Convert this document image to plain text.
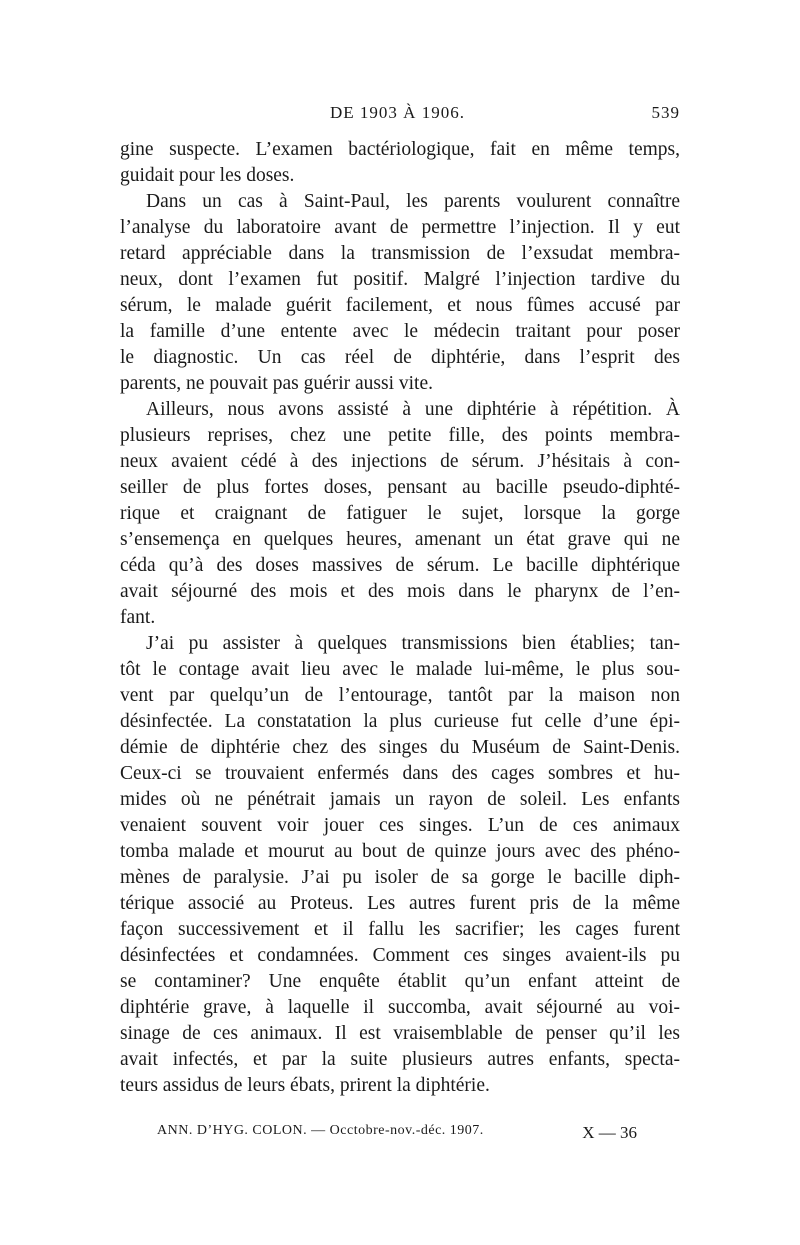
DE 1903 À 1906.	539
gine suspecte. L’examen bactériologique, fait en même temps,
guidait pour les doses.
Dans un cas à Saint-Paul, les parents voulurent connaître
l’analyse du laboratoire avant de permettre l’injection. Il y eut
retard appréciable dans la transmission de l’exsudat membra-
neux, dont l’examen fut positif. Malgré l’injection tardive du
sérum, le malade guérit facilement, et nous fûmes accusé par
la famille d’une entente avec le médecin traitant pour poser
le diagnostic. Un cas réel de diphtérie, dans l’esprit des
parents, ne pouvait pas guérir aussi vite.
Ailleurs, nous avons assisté à une diphtérie à répétition. À
plusieurs reprises, chez une petite fille, des points membra-
neux avaient cédé à des injections de sérum. J’hésitais à con-
seiller de plus fortes doses, pensant au bacille pseudo-diphté-
rique et craignant de fatiguer le sujet, lorsque la gorge
s’ensemença en quelques heures, amenant un état grave qui ne
céda qu’à des doses massives de sérum. Le bacille diphtérique
avait séjourné des mois et des mois dans le pharynx de l’en-
fant.
J’ai pu assister à quelques transmissions bien établies; tan-
tôt le contage avait lieu avec le malade lui-même, le plus sou-
vent par quelqu’un de l’entourage, tantôt par la maison non
désinfectée. La constatation la plus curieuse fut celle d’une épi-
démie de diphtérie chez des singes du Muséum de Saint-Denis.
Ceux-ci se trouvaient enfermés dans des cages sombres et hu-
mides où ne pénétrait jamais un rayon de soleil. Les enfants
venaient souvent voir jouer ces singes. L’un de ces animaux
tomba malade et mourut au bout de quinze jours avec des phéno-
mènes de paralysie. J’ai pu isoler de sa gorge le bacille diph-
térique associé au Proteus. Les autres furent pris de la même
façon successivement et il fallu les sacrifier; les cages furent
désinfectées et condamnées. Comment ces singes avaient-ils pu
se contaminer? Une enquête établit qu’un enfant atteint de
diphtérie grave, à laquelle il succomba, avait séjourné au voi-
sinage de ces animaux. Il est vraisemblable de penser qu’il les
avait infectés, et par la suite plusieurs autres enfants, specta-
teurs assidus de leurs ébats, prirent la diphtérie.
ANN. D’HYG. COLON. — Occtobre-nov.-déc. 1907.	X — 36
